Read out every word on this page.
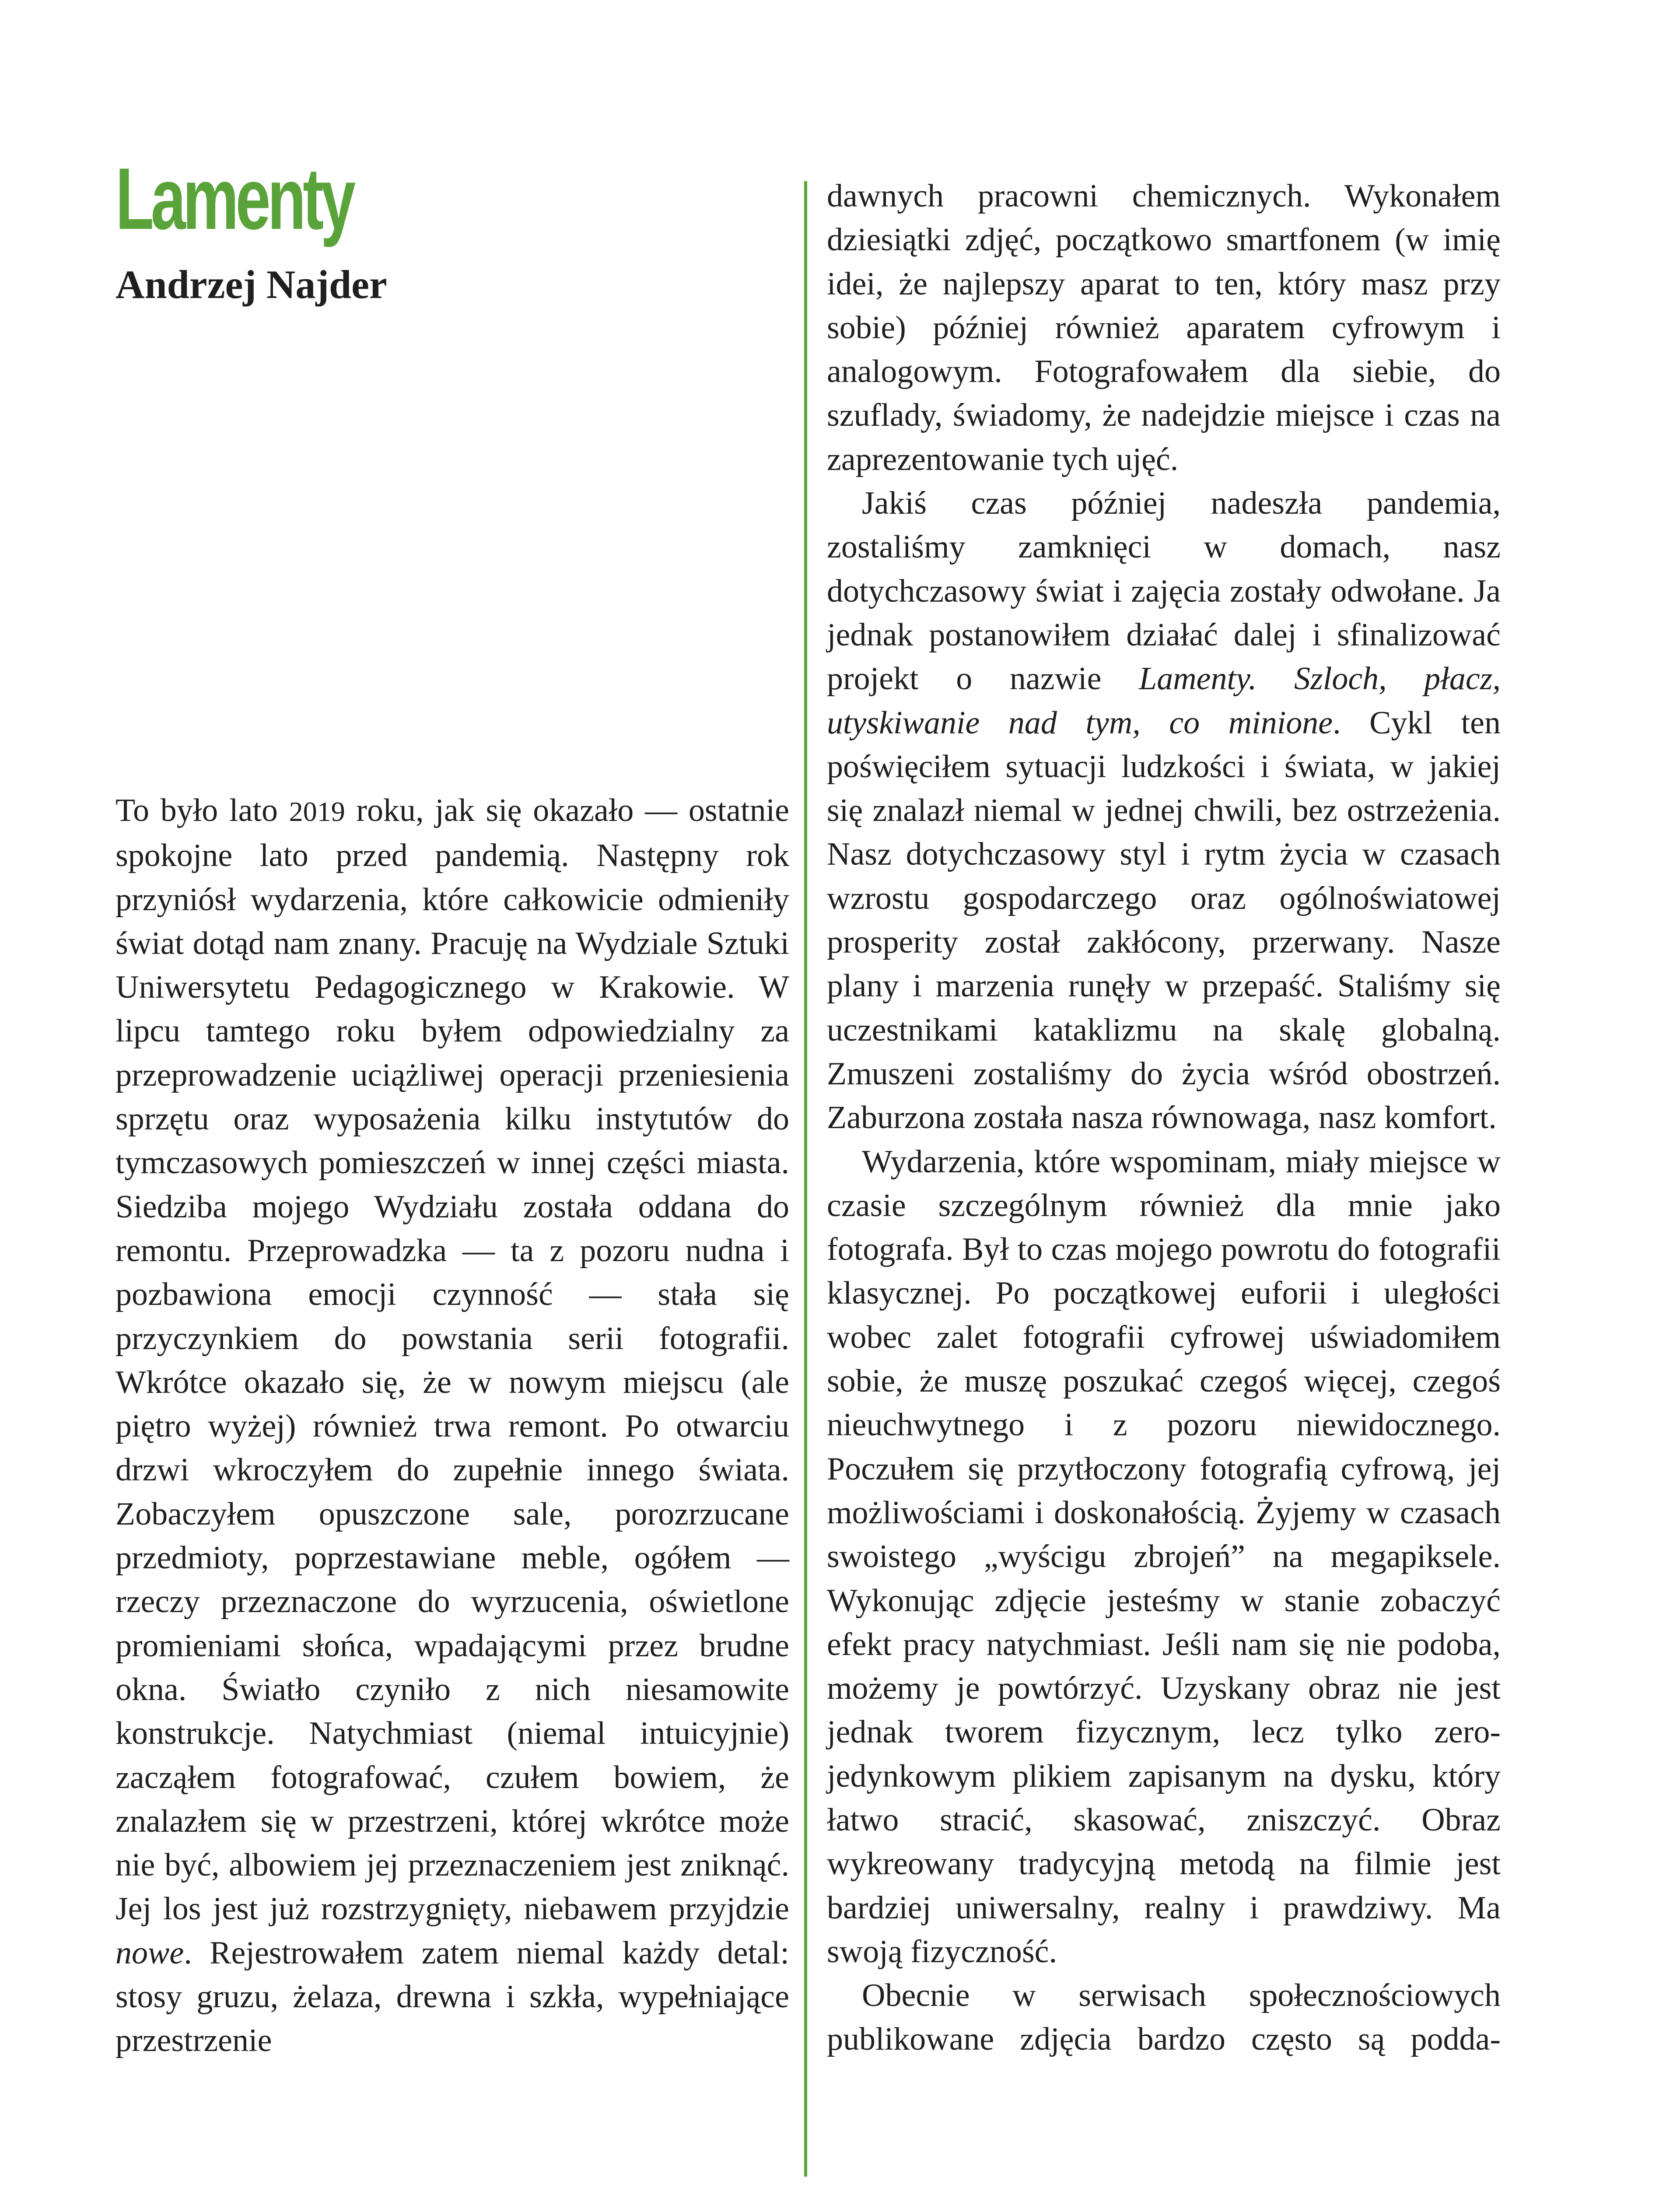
Lamenty
Andrzej Najder

To było lato 2019 roku, jak się okazało — ostatnie spokojne lato przed pandemią. Następny rok przyniósł wydarzenia, które całkowicie odmieniły świat dotąd nam znany. Pracuję na Wydziale Sztuki Uniwersytetu Pedagogicznego w Krakowie. W lipcu tamtego roku byłem odpowiedzialny za przeprowadzenie uciążliwej operacji przeniesienia sprzętu oraz wyposażenia kilku instytutów do tymczasowych pomieszczeń w innej części miasta. Siedziba mojego Wydziału została oddana do remontu. Przeprowadzka — ta z pozoru nudna i pozbawiona emocji czynność — stała się przyczynkiem do powstania serii fotografii. Wkrótce okazało się, że w nowym miejscu (ale piętro wyżej) również trwa remont. Po otwarciu drzwi wkroczyłem do zupełnie innego świata. Zobaczyłem opuszczone sale, porozrzucane przedmioty, poprzestawiane meble, ogółem — rzeczy przeznaczone do wyrzucenia, oświetlone promieniami słońca, wpadającymi przez brudne okna. Światło czyniło z nich niesamowite konstrukcje. Natychmiast (niemal intuicyjnie) zacząłem fotografować, czułem bowiem, że znalazłem się w przestrzeni, której wkrótce może nie być, albowiem jej przeznaczeniem jest zniknąć. Jej los jest już rozstrzygnięty, niebawem przyjdzie nowe. Rejestrowałem zatem niemal każdy detal: stosy gruzu, żelaza, drewna i szkła, wypełniające przestrzenie

dawnych pracowni chemicznych. Wykonałem dziesiątki zdjęć, początkowo smartfonem (w imię idei, że najlepszy aparat to ten, który masz przy sobie) później również aparatem cyfrowym i analogowym. Fotografowałem dla siebie, do szuflady, świadomy, że nadejdzie miejsce i czas na zaprezentowanie tych ujęć.

Jakiś czas później nadeszła pandemia, zostaliśmy zamknięci w domach, nasz dotychczasowy świat i zajęcia zostały odwołane. Ja jednak postanowiłem działać dalej i sfinalizować projekt o nazwie Lamenty. Szloch, płacz, utyskiwanie nad tym, co minione. Cykl ten poświęciłem sytuacji ludzkości i świata, w jakiej się znalazł niemal w jednej chwili, bez ostrzeżenia. Nasz dotychczasowy styl i rytm życia w czasach wzrostu gospodarczego oraz ogólnoświatowej prosperity został zakłócony, przerwany. Nasze plany i marzenia runęły w przepaść. Staliśmy się uczestnikami kataklizmu na skalę globalną. Zmuszeni zostaliśmy do życia wśród obostrzeń. Zaburzona została nasza równowaga, nasz komfort.

Wydarzenia, które wspominam, miały miejsce w czasie szczególnym również dla mnie jako fotografa. Był to czas mojego powrotu do fotografii klasycznej. Po początkowej euforii i uległości wobec zalet fotografii cyfrowej uświadomiłem sobie, że muszę poszukać czegoś więcej, czegoś nieuchwytnego i z pozoru niewidocznego. Poczułem się przytłoczony fotografią cyfrową, jej możliwościami i doskonałością. Żyjemy w czasach swoistego „wyścigu zbrojeń” na megapiksele. Wykonując zdjęcie jesteśmy w stanie zobaczyć efekt pracy natychmiast. Jeśli nam się nie podoba, możemy je powtórzyć. Uzyskany obraz nie jest jednak tworem fizycznym, lecz tylko zero-jedynkowym plikiem zapisanym na dysku, który łatwo stracić, skasować, zniszczyć. Obraz wykreowany tradycyjną metodą na filmie jest bardziej uniwersalny, realny i prawdziwy. Ma swoją fizyczność.

Obecnie w serwisach społecznościowych publikowane zdjęcia bardzo często są podda-
